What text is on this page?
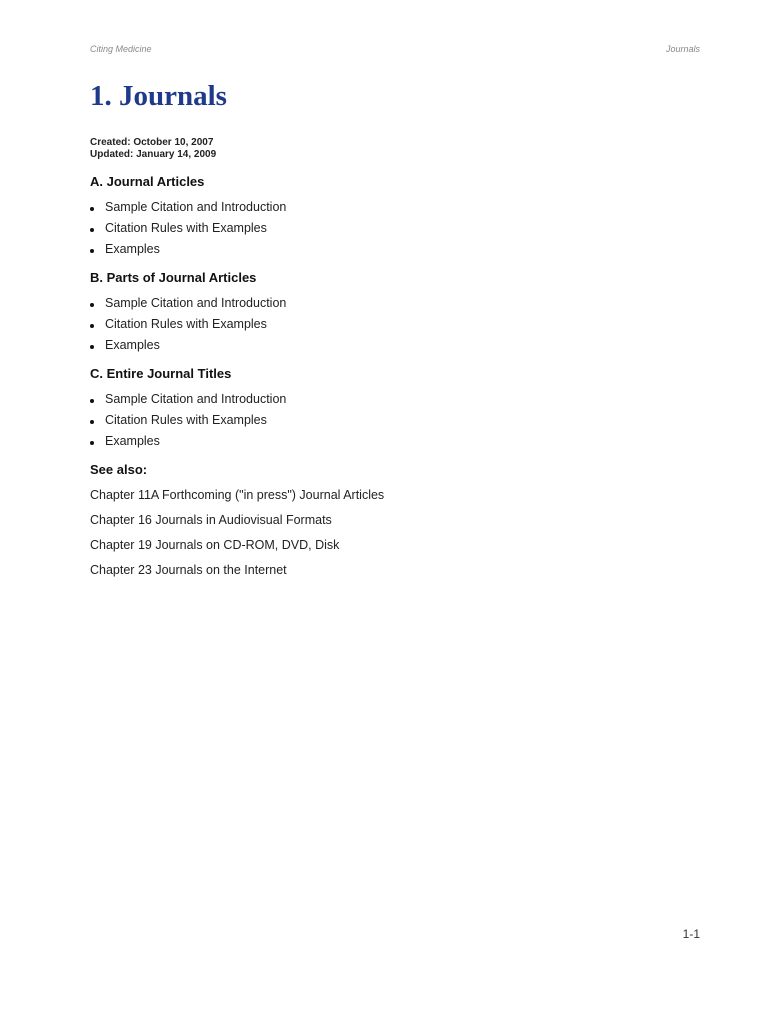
Citing Medicine	Journals
1. Journals
Created: October 10, 2007
Updated: January 14, 2009
A. Journal Articles
Sample Citation and Introduction
Citation Rules with Examples
Examples
B. Parts of Journal Articles
Sample Citation and Introduction
Citation Rules with Examples
Examples
C. Entire Journal Titles
Sample Citation and Introduction
Citation Rules with Examples
Examples
See also:
Chapter 11A Forthcoming ("in press") Journal Articles
Chapter 16 Journals in Audiovisual Formats
Chapter 19 Journals on CD-ROM, DVD, Disk
Chapter 23 Journals on the Internet
1-1
